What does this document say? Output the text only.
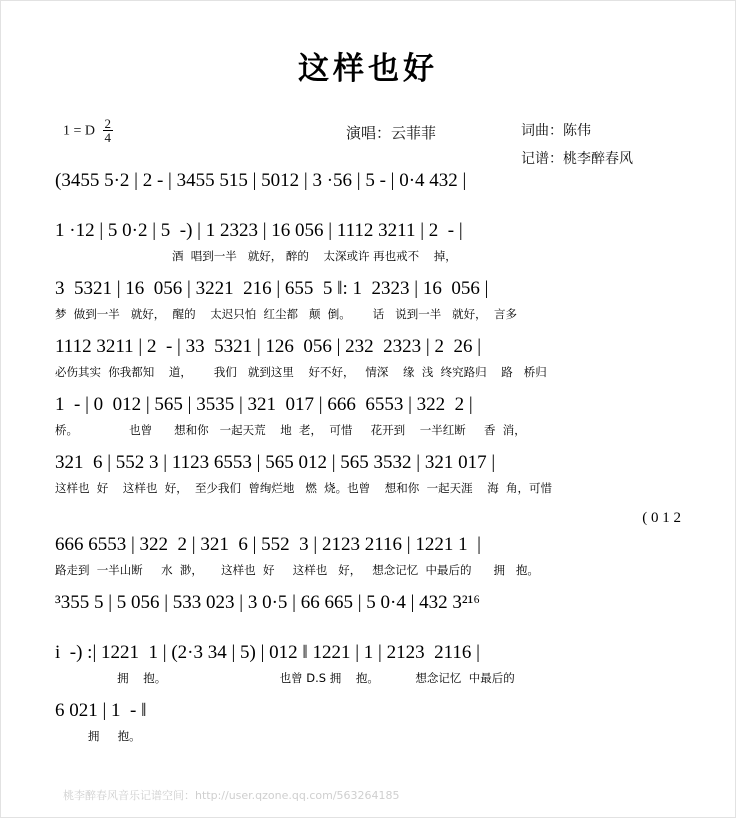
这样也好
1 = D $\frac{2}{4}$	演唱：云菲菲	词曲：陈伟
记谱：桃李醉春风
(3455 5·2 | 2 - | 3455 515 | 5012 | 3 ·56 | 5 - | 0·4 432 |
1 ·12 | 5 0·2 | 5  -) | 1 2323 | 16 056 | 1112 3211 | 2  - |
酒  唱到一半   就好， 醉的    太深或许 再也戒不    掉，
3  5321 | 16  056 | 3221  216 | 655  5 ‖: 1  2323 | 16  056 |
梦  做到一半   就好，  醒的    太迟只怕  红尘都   颠  倒。      话   说到一半   就好，  言多
1112 3211 | 2  - | 33  5321 | 126  056 | 232  2323 | 2  26 |
必伤其实  你我都知    道，      我们   就到这里    好不好，   情深    缘  浅  终究路归    路   桥归
1  - | 0  012 | 565 | 3535 | 321  017 | 666  6553 | 322  2 |
桥。              也曾      想和你   一起天荒    地  老，  可惜     花开到    一半红断     香  消，
321  6 | 552 3 | 1123 6553 | 565 012 | 565 3532 | 321 017 |
这样也  好    这样也  好，  至少我们  曾绚烂地   燃  烧。也曾    想和你  一起天涯    海  角，可惜
( 0 1 2
666 6553 | 322  2 | 321  6 | 552  3 | 2123 2116 | 1221 1  |
路走到  一半山断     水  渺，     这样也  好     这样也   好，   想念记忆  中最后的      拥   抱。
³355 5 | 5 056 | 533 023 | 3 0·5 | 66 665 | 5 0·4 | 432 3²¹⁶
i  -) :| 1221  1 | (2·3 34 | 5) | 012 ‖ 1221 | 1 | 2123  2116 |
拥    抱。                               也曾 D.S 拥    抱。          想念记忆  中最后的
6 021 | 1  - ‖
拥     抱。
桃李醉春风音乐记谱空间：http://user.qzone.qq.com/563264185
